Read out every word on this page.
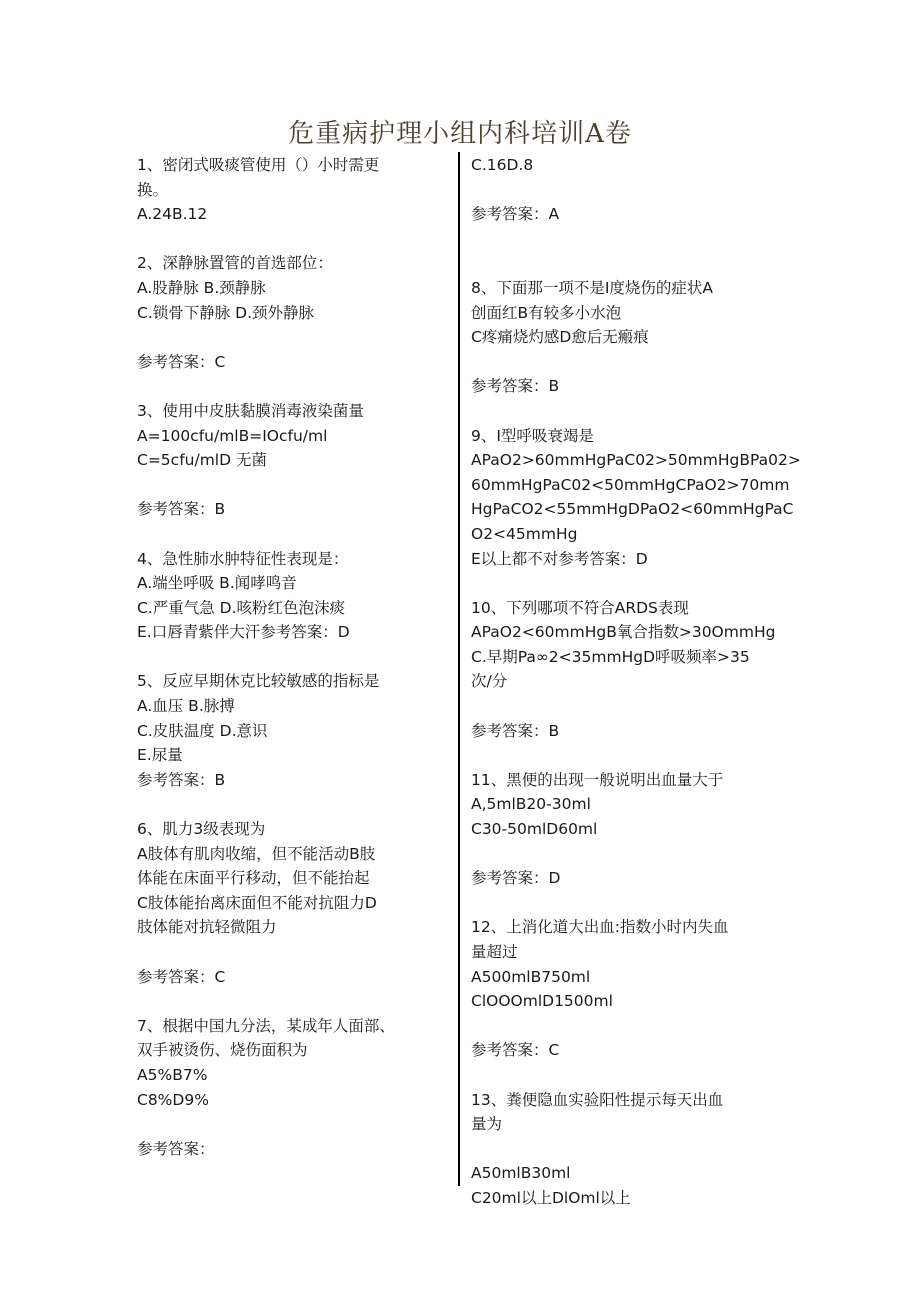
危重病护理小组内科培训A卷
1、密闭式吸痰管使用（）小时需更
换。
A.24B.12
2、深静脉置管的首选部位：
A.股静脉 B.颈静脉
C.锁骨下静脉 D.颈外静脉
参考答案：C
3、使用中皮肤黏膜消毒液染菌量
A=100cfu/mlB=IOcfu/ml
C=5cfu∕mlD 无菌
参考答案：B
4、急性肺水肿特征性表现是：
A.端坐呼吸 B.闻哮鸣音
C.严重气急 D.咳粉红色泡沫痰
E.口唇青紫伴大汗参考答案：D
5、反应早期休克比较敏感的指标是
A.血压 B.脉搏
C.皮肤温度 D.意识
E.尿量
参考答案：B
6、肌力3级表现为
A肢体有肌肉收缩，但不能活动B肢
体能在床面平行移动，但不能抬起
C肢体能抬离床面但不能对抗阻力D
肢体能对抗轻微阻力
参考答案：C
7、根据中国九分法，某成年人面部、
双手被烫伤、烧伤面积为
A5%B7%
C8%D9%
参考答案：
C.16D.8
参考答案：A
8、下面那一项不是I度烧伤的症状A
创面红B有较多小水泡
C疼痛烧灼感D愈后无瘢痕
参考答案：B
9、I型呼吸衰竭是
APaO2>60mmHgPaC02>50mmHgBPa02>
60mmHgPaC02<50mmHgCPaO2>70mm
HgPaCO2<55mmHgDPaO2<60mmHgPaC
O2<45mmHg
E以上都不对参考答案：D
10、下列哪项不符合ARDS表现
APaO2<60mmHgB氧合指数>30OmmHg
C.早期Pa∞2<35mmHgD呼吸频率>35
次/分
参考答案：B
11、黑便的出现一般说明出血量大于
A,5mlB20-30ml
C30-50mlD60ml
参考答案：D
12、上消化道大出血:指数小时内失血
量超过
A500mlB750ml
ClOOOmlD1500ml
参考答案：C
13、粪便隐血实验阳性提示每天出血
量为
A50mlB30ml
C20ml以上DlOml以上
